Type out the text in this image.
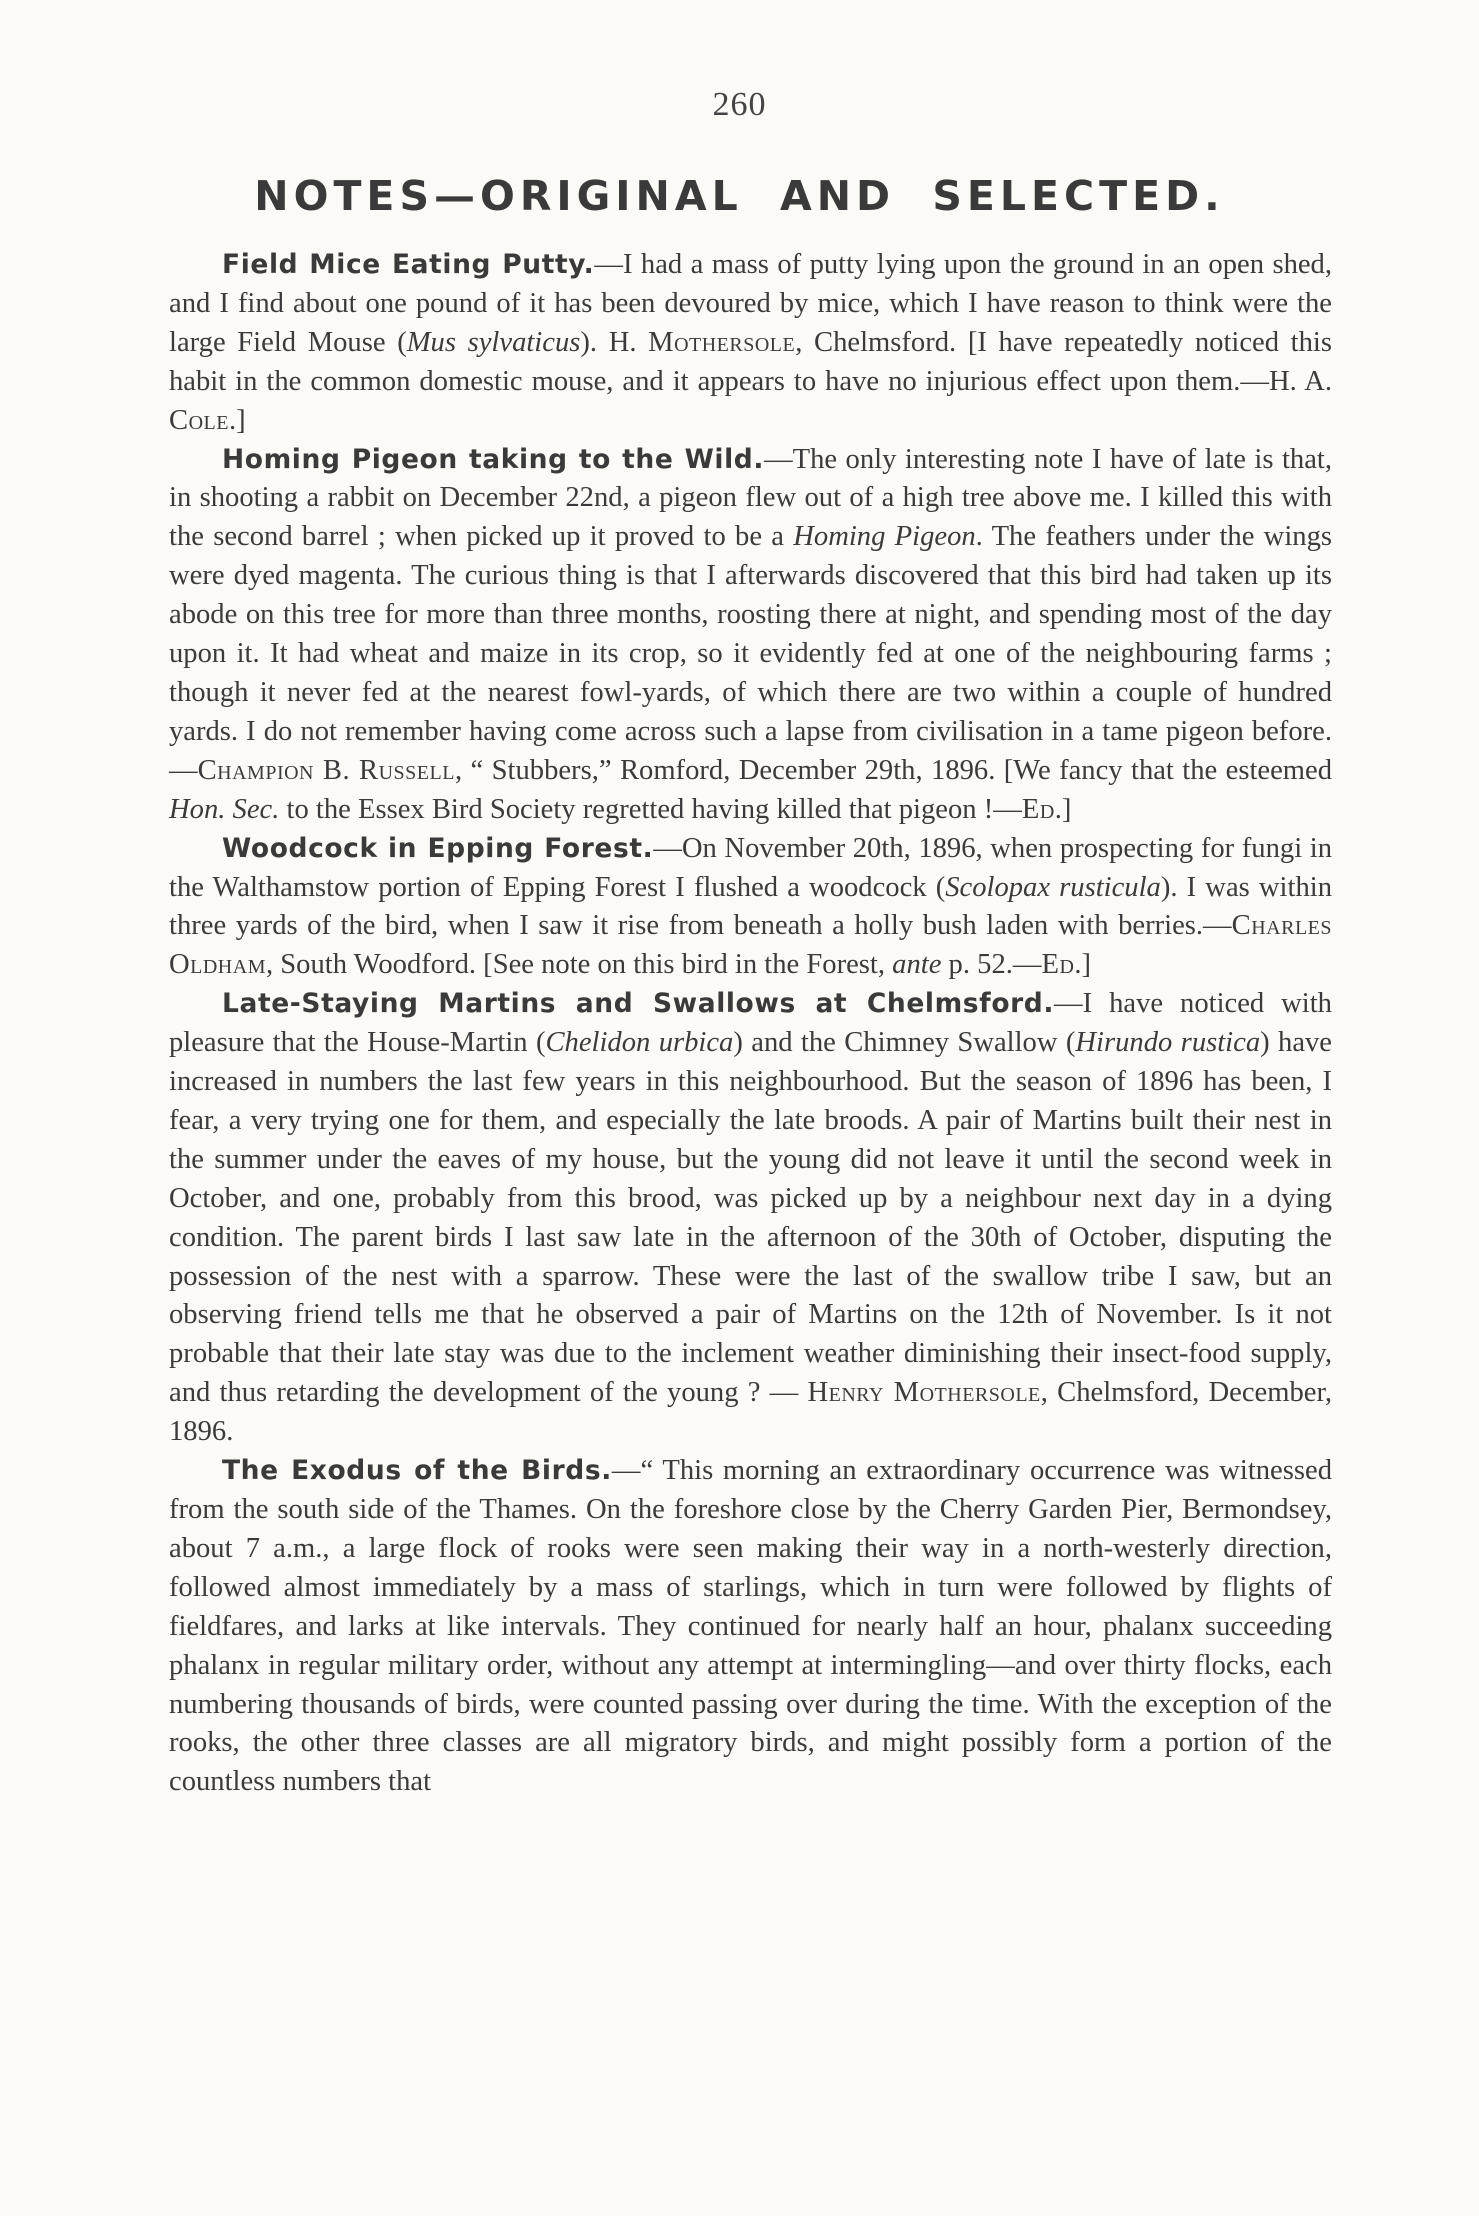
260
NOTES—ORIGINAL AND SELECTED.

Field Mice Eating Putty.—I had a mass of putty lying upon the ground in an open shed, and I find about one pound of it has been devoured by mice, which I have reason to think were the large Field Mouse (Mus sylvaticus). H. Mothersole, Chelmsford. [I have repeatedly noticed this habit in the common domestic mouse, and it appears to have no injurious effect upon them.—H. A. Cole.]

Homing Pigeon taking to the Wild.—The only interesting note I have of late is that, in shooting a rabbit on December 22nd, a pigeon flew out of a high tree above me. I killed this with the second barrel ; when picked up it proved to be a Homing Pigeon. The feathers under the wings were dyed magenta. The curious thing is that I afterwards discovered that this bird had taken up its abode on this tree for more than three months, roosting there at night, and spending most of the day upon it. It had wheat and maize in its crop, so it evidently fed at one of the neighbouring farms ; though it never fed at the nearest fowl-yards, of which there are two within a couple of hundred yards. I do not remember having come across such a lapse from civilisation in a tame pigeon before.—Champion B. Russell, “ Stubbers,” Romford, December 29th, 1896. [We fancy that the esteemed Hon. Sec. to the Essex Bird Society regretted having killed that pigeon !—Ed.]

Woodcock in Epping Forest.—On November 20th, 1896, when prospecting for fungi in the Walthamstow portion of Epping Forest I flushed a woodcock (Scolopax rusticula). I was within three yards of the bird, when I saw it rise from beneath a holly bush laden with berries.—Charles Oldham, South Woodford. [See note on this bird in the Forest, ante p. 52.—Ed.]

Late-Staying Martins and Swallows at Chelmsford.—I have noticed with pleasure that the House-Martin (Chelidon urbica) and the Chimney Swallow (Hirundo rustica) have increased in numbers the last few years in this neighbourhood. But the season of 1896 has been, I fear, a very trying one for them, and especially the late broods. A pair of Martins built their nest in the summer under the eaves of my house, but the young did not leave it until the second week in October, and one, probably from this brood, was picked up by a neighbour next day in a dying condition. The parent birds I last saw late in the afternoon of the 30th of October, disputing the possession of the nest with a sparrow. These were the last of the swallow tribe I saw, but an observing friend tells me that he observed a pair of Martins on the 12th of November. Is it not probable that their late stay was due to the inclement weather diminishing their insect-food supply, and thus retarding the development of the young ? — Henry Mothersole, Chelmsford, December, 1896.

The Exodus of the Birds.—“ This morning an extraordinary occurrence was witnessed from the south side of the Thames. On the foreshore close by the Cherry Garden Pier, Bermondsey, about 7 a.m., a large flock of rooks were seen making their way in a north-westerly direction, followed almost immediately by a mass of starlings, which in turn were followed by flights of fieldfares, and larks at like intervals. They continued for nearly half an hour, phalanx succeeding phalanx in regular military order, without any attempt at intermingling—and over thirty flocks, each numbering thousands of birds, were counted passing over during the time. With the exception of the rooks, the other three classes are all migratory birds, and might possibly form a portion of the countless numbers that
